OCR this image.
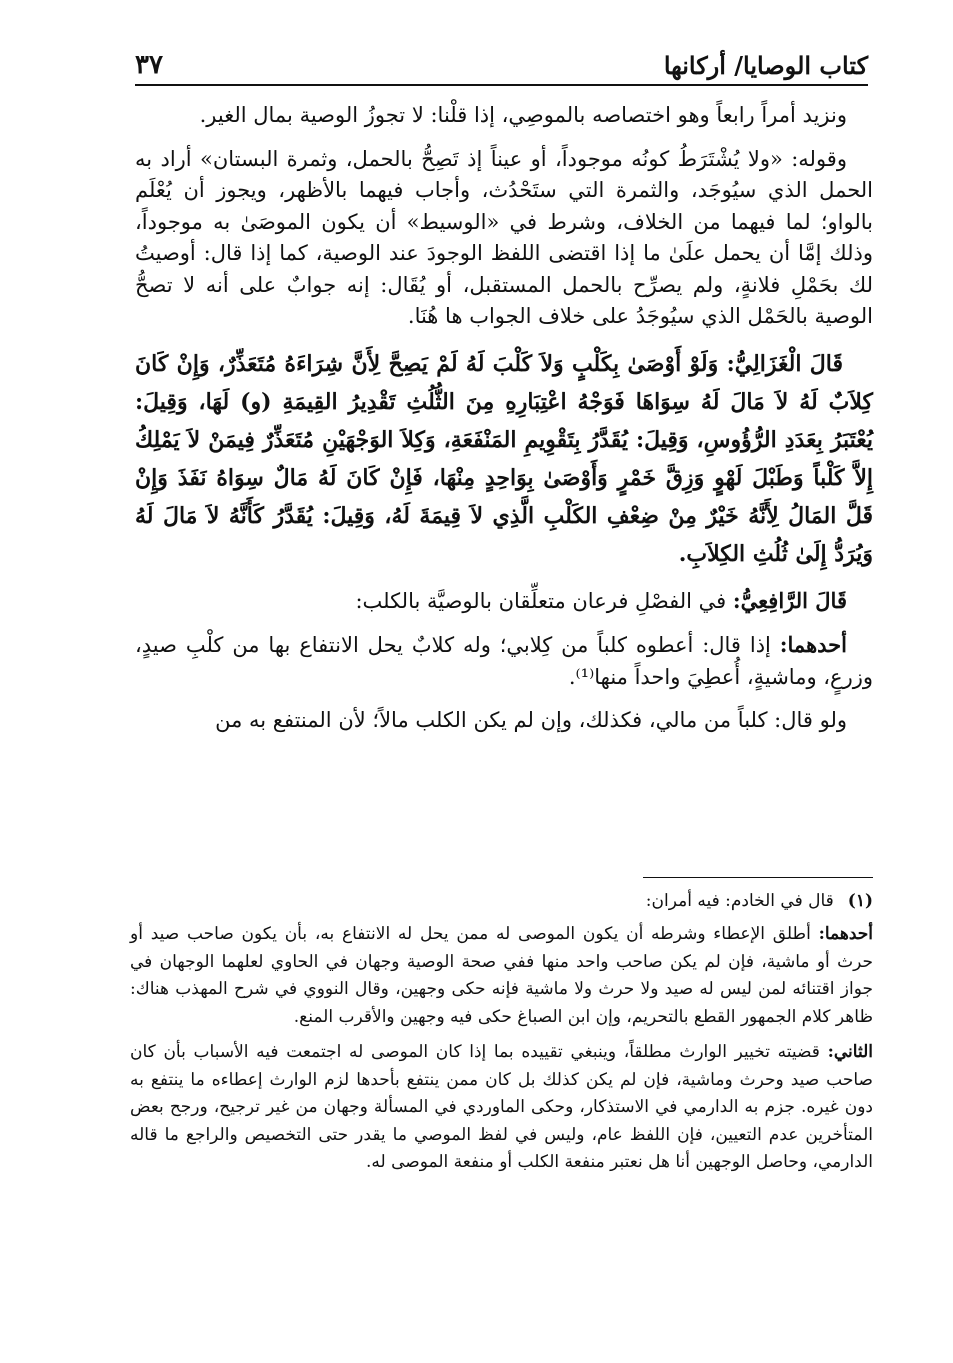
كتاب الوصايا/ أركانها
٣٧

ونزيد أمراً رابعاً وهو اختصاصه بالموصِي، إذا قلْنا: لا تجوزُ الوصية بمال الغير.

وقوله: «ولا يُشْتَرَطُ كونُه موجوداً، أو عيناً إذ تَصِحُّ بالحمل، وثمرة البستان» أراد به الحمل الذي سيُوجَد، والثمرة التي ستَحْدُث، وأجاب فيهما بالأظهر، ويجوز أن يُعْلَم بالواو؛ لما فيهما من الخلاف، وشرط في «الوسيط» أن يكون الموصَىٰ به موجوداً، وذلك إمَّا أن يحمل علَىٰ ما إذا اقتضى اللفظ الوجودَ عند الوصية، كما إذا قال: أوصيتُ لك بحَمْلِ فلانةٍ، ولم يصرِّح بالحمل المستقبل، أو يُقَال: إنه جوابٌ على أنه لا تصحُّ الوصية بالحَمْل الذي سيُوجَدُ على خلاف الجواب ها هُنَا.

قَالَ الْغَزَالِيُّ: وَلَوْ أَوْصَىٰ بِكَلْبٍ وَلاَ كَلْبَ لَهُ لَمْ يَصِحَّ لِأَنَّ شِرَاءَهُ مُتَعَذِّرٌ، وَإِنْ كَانَ كِلاَبٌ لَهُ لاَ مَالَ لَهُ سِوَاهَا فَوَجْهُ اعْتِبَارِهِ مِنَ الثُّلُثِ تَقْدِيرُ القِيمَةِ (و) لَهَا، وَقِيلَ: يُعْتَبَرُ بِعَدَدِ الرُّؤُوسِ، وَقِيلَ: يُقَدَّرُ بِتَقْوِيمِ المَنْفَعَةِ، وَكِلاَ الوَجْهَيْنِ مُتَعَذِّرٌ فِيمَنْ لاَ يَمْلِكُ إِلاَّ كَلْباً وَطَبْلَ لَهْوٍ وَزِقَّ خَمْرٍ وَأَوْصَىٰ بِوَاحِدٍ مِنْهَا، فَإِنْ كَانَ لَهُ مَالٌ سِوَاهُ نَفَذَ وَإِنْ قَلَّ المَالُ لِأَنَّهُ خَيْرٌ مِنْ ضِعْفِ الكَلْبِ الَّذِي لاَ قِيمَةَ لَهُ، وَقِيلَ: يُقَدَّرُ كَأَنَّهُ لاَ مَالَ لَهُ وَيُرَدُّ إِلَىٰ ثُلُثِ الكِلاَبِ.

قَالَ الرَّافِعِيُّ: في الفصْلِ فرعان متعلِّقان بالوصيَّة بالكلب:

أحدهما: إذا قال: أعطوه كلباً من كِلابي؛ وله كلابٌ يحل الانتفاع بها من كلْبِ صيدٍ، وزرعٍ، وماشيةٍ، أُعطِيَ واحداً منها⁽¹⁾.

ولو قال: كلباً من مالي، فكذلك، وإن لم يكن الكلب مالاً؛ لأن المنتفع به من

(١)
قال في الخادم: فيه أمران:

أحدهما: أطلق الإعطاء وشرطه أن يكون الموصى له ممن يحل له الانتفاع به، بأن يكون صاحب صيد أو حرث أو ماشية، فإن لم يكن صاحب واحد منها ففي صحة الوصية وجهان في الحاوي لعلهما الوجهان في جواز اقتنائه لمن ليس له صيد ولا حرث ولا ماشية فإنه حكى وجهين، وقال النووي في شرح المهذب هناك: ظاهر كلام الجمهور القطع بالتحريم، وإن ابن الصباغ حكى فيه وجهين والأقرب المنع.

الثاني: قضيته تخيير الوارث مطلقاً، وينبغي تقييده بما إذا كان الموصى له اجتمعت فيه الأسباب بأن كان صاحب صيد وحرث وماشية، فإن لم يكن كذلك بل كان ممن ينتفع بأحدها لزم الوارث إعطاءه ما ينتفع به دون غيره. جزم به الدارمي في الاستذكار، وحكى الماوردي في المسألة وجهان من غير ترجيح، ورجح بعض المتأخرين عدم التعيين، فإن اللفظ عام، وليس في لفظ الموصي ما يقدر حتى التخصيص والراجع ما قاله الدارمي، وحاصل الوجهين أنا هل نعتبر منفعة الكلب أو منفعة الموصى له.
